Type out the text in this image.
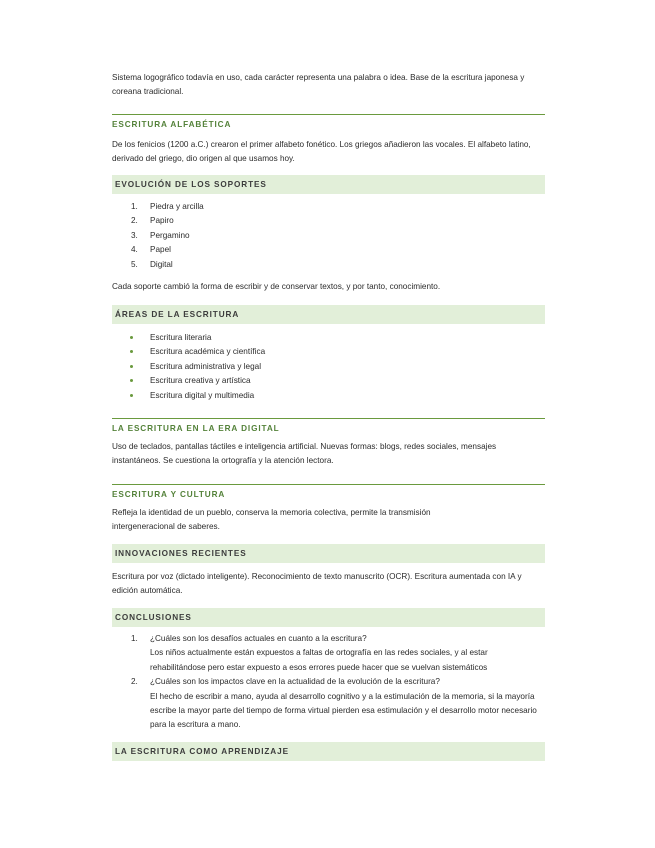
Sistema logográfico todavía en uso, cada carácter representa una palabra o idea. Base de la escritura japonesa y coreana tradicional.

ESCRITURA ALFABÉTICA

De los fenicios (1200 a.C.) crearon el primer alfabeto fonético. Los griegos añadieron las vocales. El alfabeto latino, derivado del griego, dio origen al que usamos hoy.

EVOLUCIÓN DE LOS SOPORTES
1. Piedra y arcilla
2. Papiro
3. Pergamino
4. Papel
5. Digital

Cada soporte cambió la forma de escribir y de conservar textos, y por tanto, conocimiento.

ÁREAS DE LA ESCRITURA
Escritura literaria
Escritura académica y científica
Escritura administrativa y legal
Escritura creativa y artística
Escritura digital y multimedia
LA ESCRITURA EN LA ERA DIGITAL

Uso de teclados, pantallas táctiles e inteligencia artificial. Nuevas formas: blogs, redes sociales, mensajes instantáneos. Se cuestiona la ortografía y la atención lectora.

ESCRITURA Y CULTURA

Refleja la identidad de un pueblo, conserva la memoria colectiva, permite la transmisión intergeneracional de saberes.

INNOVACIONES RECIENTES

Escritura por voz (dictado inteligente). Reconocimiento de texto manuscrito (OCR). Escritura aumentada con IA y edición automática.

CONCLUSIONES
1. ¿Cuáles son los desafíos actuales en cuanto a la escritura?
Los niños actualmente están expuestos a faltas de ortografía en las redes sociales, y al estar rehabilitándose pero estar expuesto a esos errores puede hacer que se vuelvan sistemáticos
2. ¿Cuáles son los impactos clave en la actualidad de la evolución de la escritura?
El hecho de escribir a mano, ayuda al desarrollo cognitivo y a la estimulación de la memoria, si la mayoría escribe la mayor parte del tiempo de forma virtual pierden esa estimulación y el desarrollo motor necesario para la escritura a mano.
LA ESCRITURA COMO APRENDIZAJE
